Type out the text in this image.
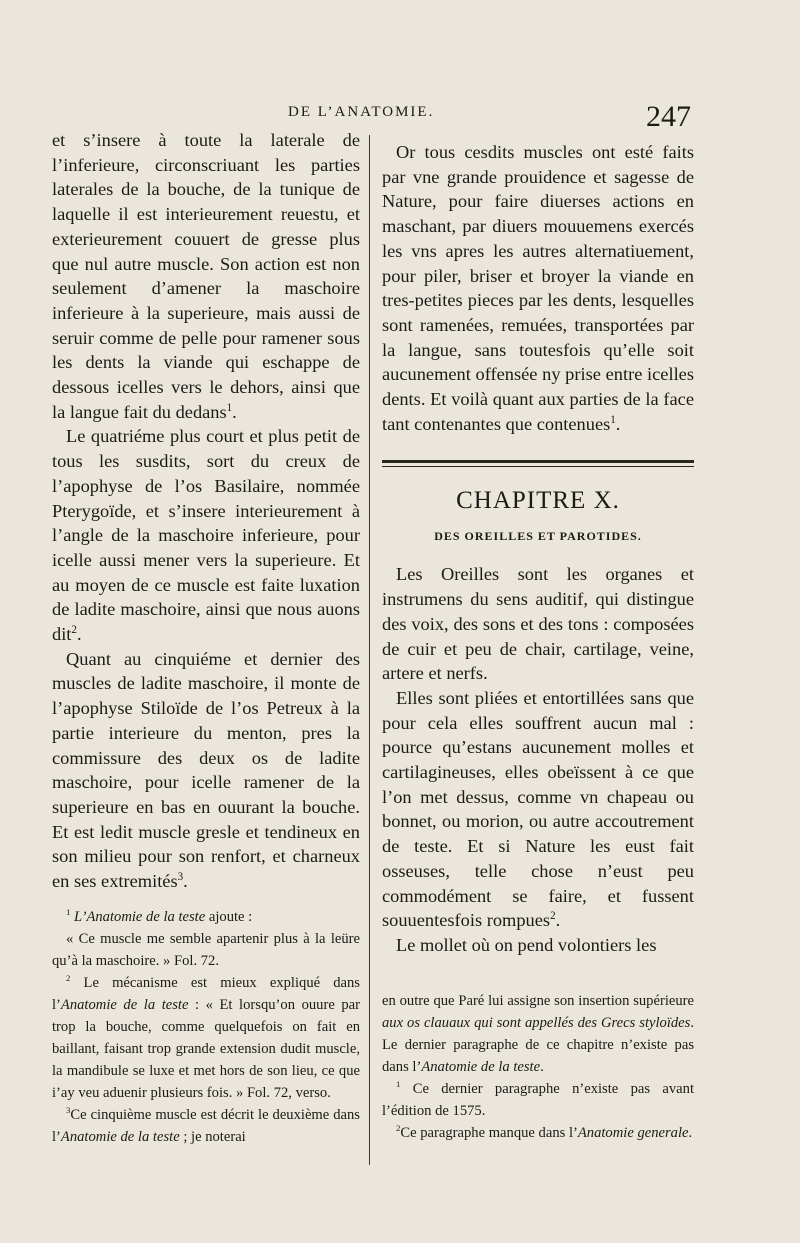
DE L’ANATOMIE.	247

et s’insere à toute la laterale de l’inferieure, circonscriuant les parties laterales de la bouche, de la tunique de laquelle il est interieurement reuestu, et exterieurement couuert de gresse plus que nul autre muscle. Son action est non seulement d’amener la maschoire inferieure à la superieure, mais aussi de seruir comme de pelle pour ramener sous les dents la viande qui eschappe de dessous icelles vers le dehors, ainsi que la langue fait du dedans$^1$.

Le quatriéme plus court et plus petit de tous les susdits, sort du creux de l’apophyse de l’os Basilaire, nommée Pterygoïde, et s’insere interieurement à l’angle de la maschoire inferieure, pour icelle aussi mener vers la superieure. Et au moyen de ce muscle est faite luxation de ladite maschoire, ainsi que nous auons dit$^2$.

Quant au cinquiéme et dernier des muscles de ladite maschoire, il monte de l’apophyse Stiloïde de l’os Petreux à la partie interieure du menton, pres la commissure des deux os de ladite maschoire, pour icelle ramener de la superieure en bas en ouurant la bouche. Et est ledit muscle gresle et tendineux en son milieu pour son renfort, et charneux en ses extremités$^3$.

$^1$ L’Anatomie de la teste ajoute :

« Ce muscle me semble apartenir plus à la leüre qu’à la maschoire. » Fol. 72.

$^2$ Le mécanisme est mieux expliqué dans l’Anatomie de la teste : « Et lorsqu’on ouure par trop la bouche, comme quelquefois on fait en baillant, faisant trop grande extension dudit muscle, la mandibule se luxe et met hors de son lieu, ce que i’ay veu aduenir plusieurs fois. » Fol. 72, verso.

$^3$Ce cinquième muscle est décrit le deuxième dans l’Anatomie de la teste ; je noterai

Or tous cesdits muscles ont esté faits par vne grande prouidence et sagesse de Nature, pour faire diuerses actions en maschant, par diuers mouuemens exercés les vns apres les autres alternatiuement, pour piler, briser et broyer la viande en tres-petites pieces par les dents, lesquelles sont ramenées, remuées, transportées par la langue, sans toutesfois qu’elle soit aucunement offensée ny prise entre icelles dents. Et voilà quant aux parties de la face tant contenantes que contenues$^1$.

CHAPITRE X.
DES OREILLES ET PAROTIDES.

Les Oreilles sont les organes et instrumens du sens auditif, qui distingue des voix, des sons et des tons : composées de cuir et peu de chair, cartilage, veine, artere et nerfs.

Elles sont pliées et entortillées sans que pour cela elles souffrent aucun mal : pource qu’estans aucunement molles et cartilagineuses, elles obeïssent à ce que l’on met dessus, comme vn chapeau ou bonnet, ou morion, ou autre accoutrement de teste. Et si Nature les eust fait osseuses, telle chose n’eust peu commodément se faire, et fussent souuentesfois rompues$^2$.

Le mollet où on pend volontiers les

en outre que Paré lui assigne son insertion supérieure aux os clauaux qui sont appellés des Grecs styloïdes. Le dernier paragraphe de ce chapitre n’existe pas dans l’Anatomie de la teste.

$^1$ Ce dernier paragraphe n’existe pas avant l’édition de 1575.

$^2$Ce paragraphe manque dans l’Anatomie generale.
